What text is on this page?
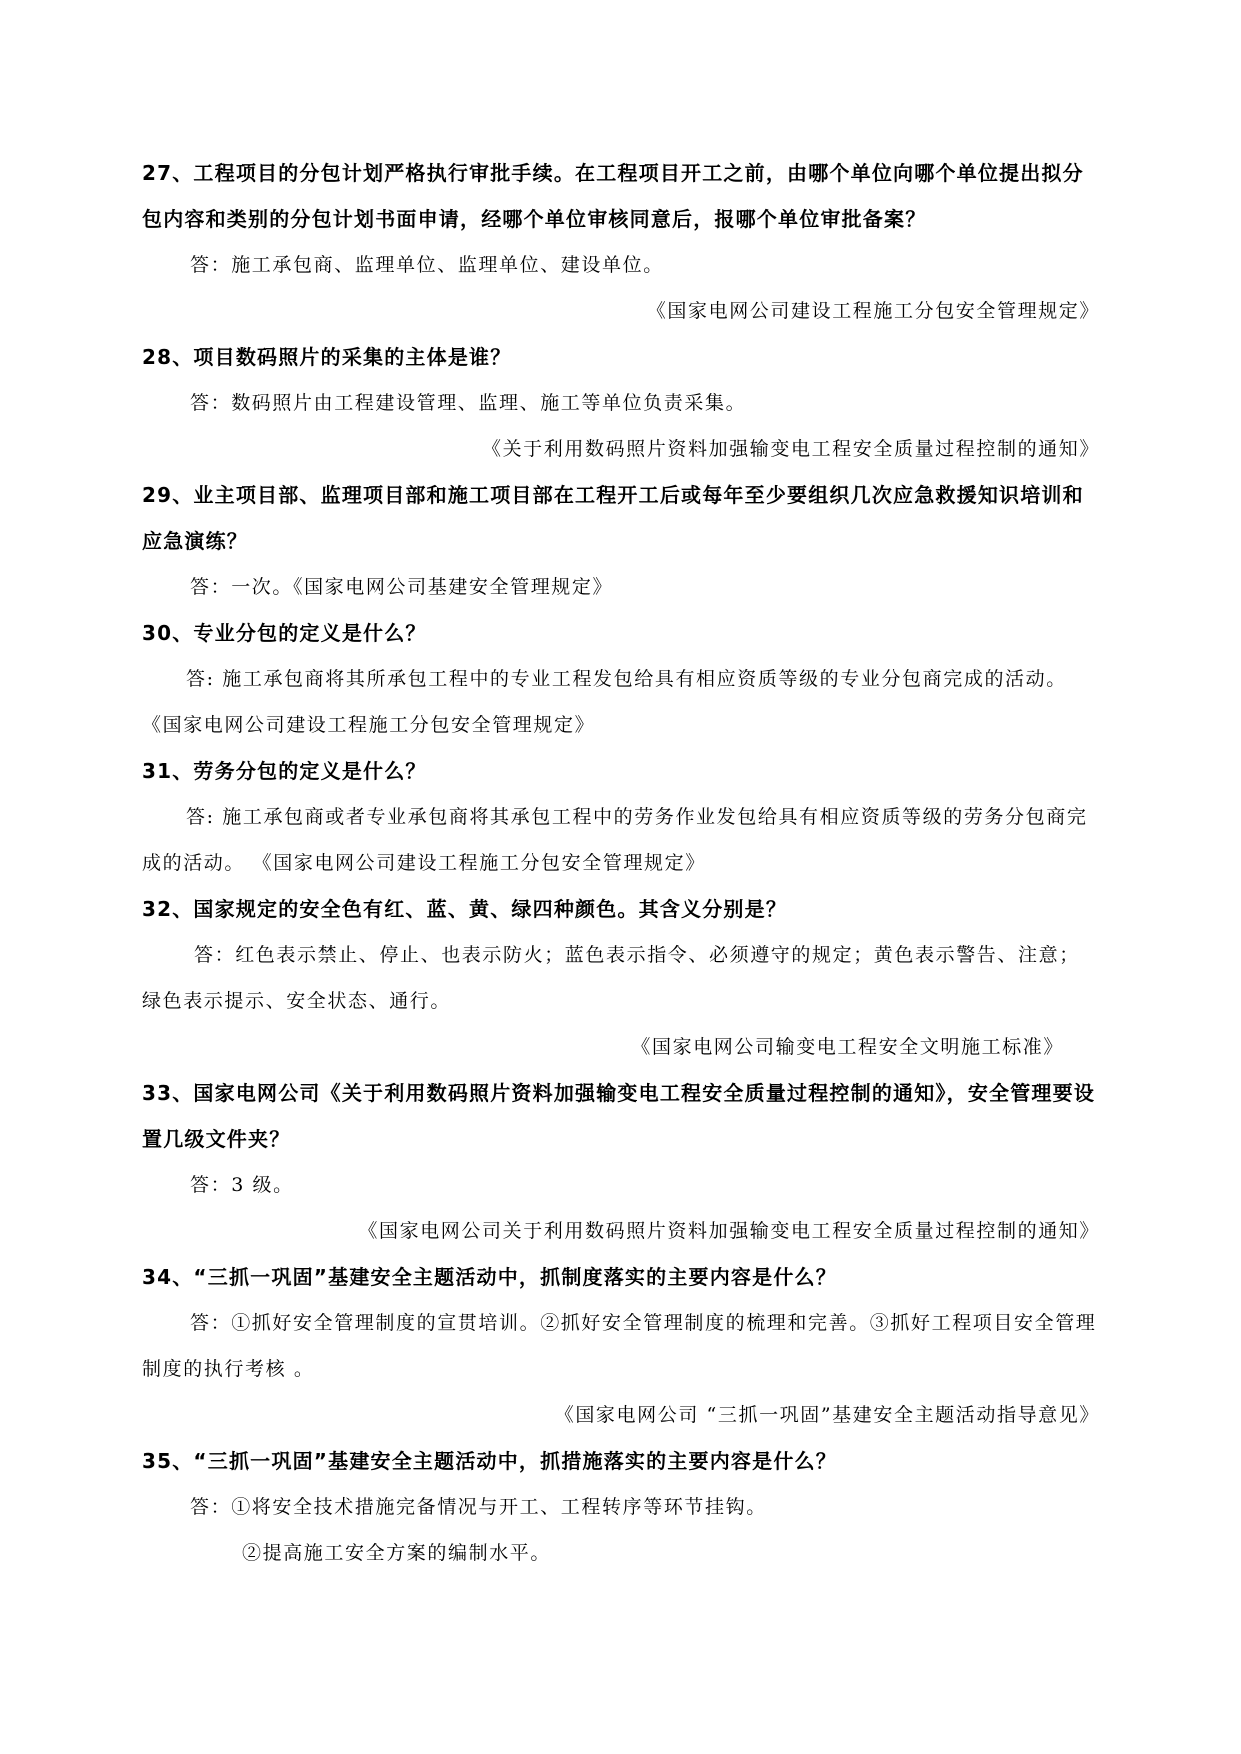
27、工程项目的分包计划严格执行审批手续。在工程项目开工之前，由哪个单位向哪个单位提出拟分包内容和类别的分包计划书面申请，经哪个单位审核同意后，报哪个单位审批备案？

答：施工承包商、监理单位、监理单位、建设单位。

《国家电网公司建设工程施工分包安全管理规定》

28、项目数码照片的采集的主体是谁？

答：数码照片由工程建设管理、监理、施工等单位负责采集。

《关于利用数码照片资料加强输变电工程安全质量过程控制的通知》

29、业主项目部、监理项目部和施工项目部在工程开工后或每年至少要组织几次应急救援知识培训和应急演练？

答：一次。《国家电网公司基建安全管理规定》

30、专业分包的定义是什么？

答: 施工承包商将其所承包工程中的专业工程发包给具有相应资质等级的专业分包商完成的活动。 《国家电网公司建设工程施工分包安全管理规定》

31、劳务分包的定义是什么？

答: 施工承包商或者专业承包商将其承包工程中的劳务作业发包给具有相应资质等级的劳务分包商完成的活动。 《国家电网公司建设工程施工分包安全管理规定》

32、国家规定的安全色有红、蓝、黄、绿四种颜色。其含义分别是？

答：红色表示禁止、停止、也表示防火；蓝色表示指令、必须遵守的规定；黄色表示警告、注意；绿色表示提示、安全状态、通行。

《国家电网公司输变电工程安全文明施工标准》

33、国家电网公司《关于利用数码照片资料加强输变电工程安全质量过程控制的通知》，安全管理要设置几级文件夹？

答：3 级。

《国家电网公司关于利用数码照片资料加强输变电工程安全质量过程控制的通知》

34、“三抓一巩固”基建安全主题活动中，抓制度落实的主要内容是什么？

答：①抓好安全管理制度的宣贯培训。②抓好安全管理制度的梳理和完善。③抓好工程项目安全管理制度的执行考核 。

《国家电网公司 “三抓一巩固”基建安全主题活动指导意见》

35、“三抓一巩固”基建安全主题活动中，抓措施落实的主要内容是什么？

答：①将安全技术措施完备情况与开工、工程转序等环节挂钩。

②提高施工安全方案的编制水平。
